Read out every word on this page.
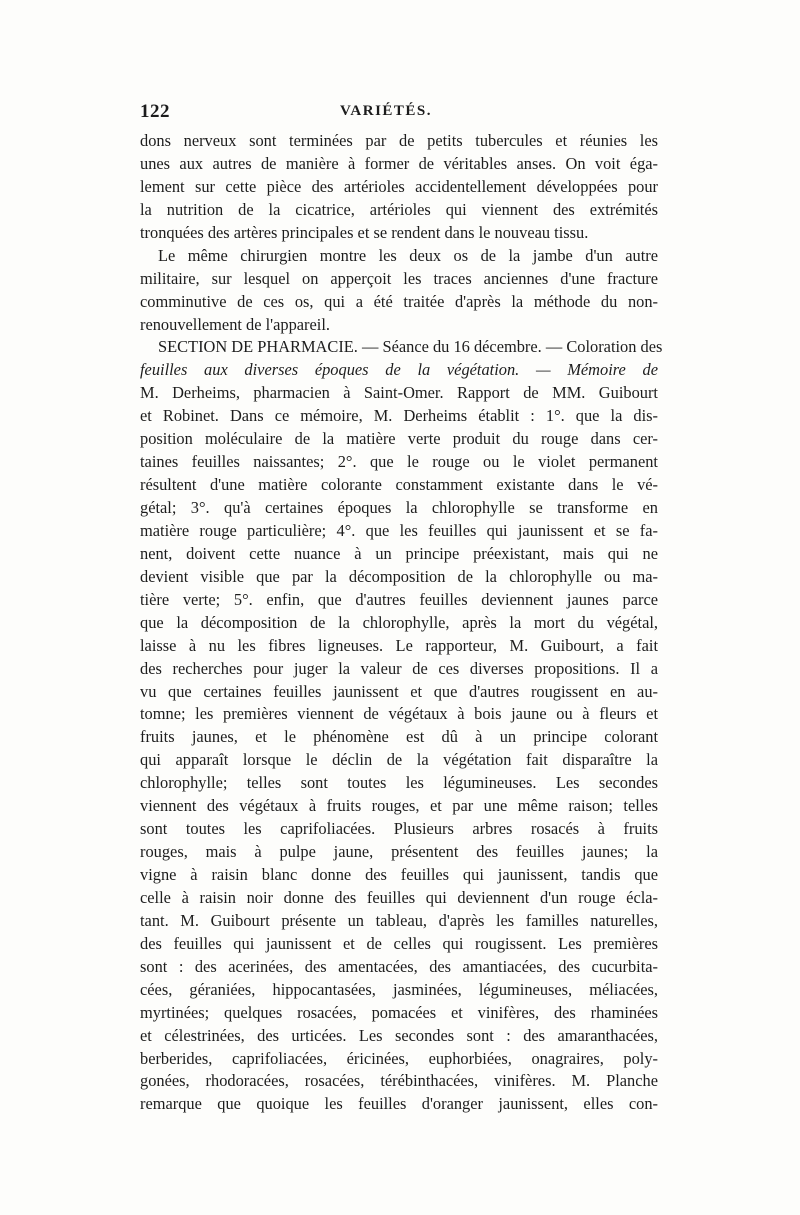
122	VARIÉTÉS.
dons nerveux sont terminées par de petits tubercules et réunies les
unes aux autres de manière à former de véritables anses. On voit éga-
lement sur cette pièce des artérioles accidentellement développées pour
la nutrition de la cicatrice, artérioles qui viennent des extrémités
tronquées des artères principales et se rendent dans le nouveau tissu.
Le même chirurgien montre les deux os de la jambe d'un autre
militaire, sur lesquel on apperçoit les traces anciennes d'une fracture
comminutive de ces os, qui a été traitée d'après la méthode du non-
renouvellement de l'appareil.
SECTION DE PHARMACIE. — Séance du 16 décembre. — Coloration des
feuilles aux diverses époques de la végétation. — Mémoire de
M. Derheims, pharmacien à Saint-Omer. Rapport de MM. Guibourt
et Robinet. Dans ce mémoire, M. Derheims établit : 1°. que la dis-
position moléculaire de la matière verte produit du rouge dans cer-
taines feuilles naissantes; 2°. que le rouge ou le violet permanent
résultent d'une matière colorante constamment existante dans le vé-
gétal; 3°. qu'à certaines époques la chlorophylle se transforme en
matière rouge particulière; 4°. que les feuilles qui jaunissent et se fa-
nent, doivent cette nuance à un principe préexistant, mais qui ne
devient visible que par la décomposition de la chlorophylle ou ma-
tière verte; 5°. enfin, que d'autres feuilles deviennent jaunes parce
que la décomposition de la chlorophylle, après la mort du végétal,
laisse à nu les fibres ligneuses. Le rapporteur, M. Guibourt, a fait
des recherches pour juger la valeur de ces diverses propositions. Il a
vu que certaines feuilles jaunissent et que d'autres rougissent en au-
tomne; les premières viennent de végétaux à bois jaune ou à fleurs et
fruits jaunes, et le phénomène est dû à un principe colorant
qui apparaît lorsque le déclin de la végétation fait disparaître la
chlorophylle; telles sont toutes les légumineuses. Les secondes
viennent des végétaux à fruits rouges, et par une même raison; telles
sont toutes les caprifoliacées. Plusieurs arbres rosacés à fruits
rouges, mais à pulpe jaune, présentent des feuilles jaunes; la
vigne à raisin blanc donne des feuilles qui jaunissent, tandis que
celle à raisin noir donne des feuilles qui deviennent d'un rouge écla-
tant. M. Guibourt présente un tableau, d'après les familles naturelles,
des feuilles qui jaunissent et de celles qui rougissent. Les premières
sont : des acerinées, des amentacées, des amantiacées, des cucurbita-
cées, géraniées, hippocantasées, jasminées, légumineuses, méliacées,
myrtinées; quelques rosacées, pomacées et vinifères, des rhaminées
et célestrinées, des urticées. Les secondes sont : des amaranthacées,
berberides, caprifoliacées, éricinées, euphorbiées, onagraires, poly-
gonées, rhodoracées, rosacées, térébinthacées, vinifères. M. Planche
remarque que quoique les feuilles d'oranger jaunissent, elles con-
